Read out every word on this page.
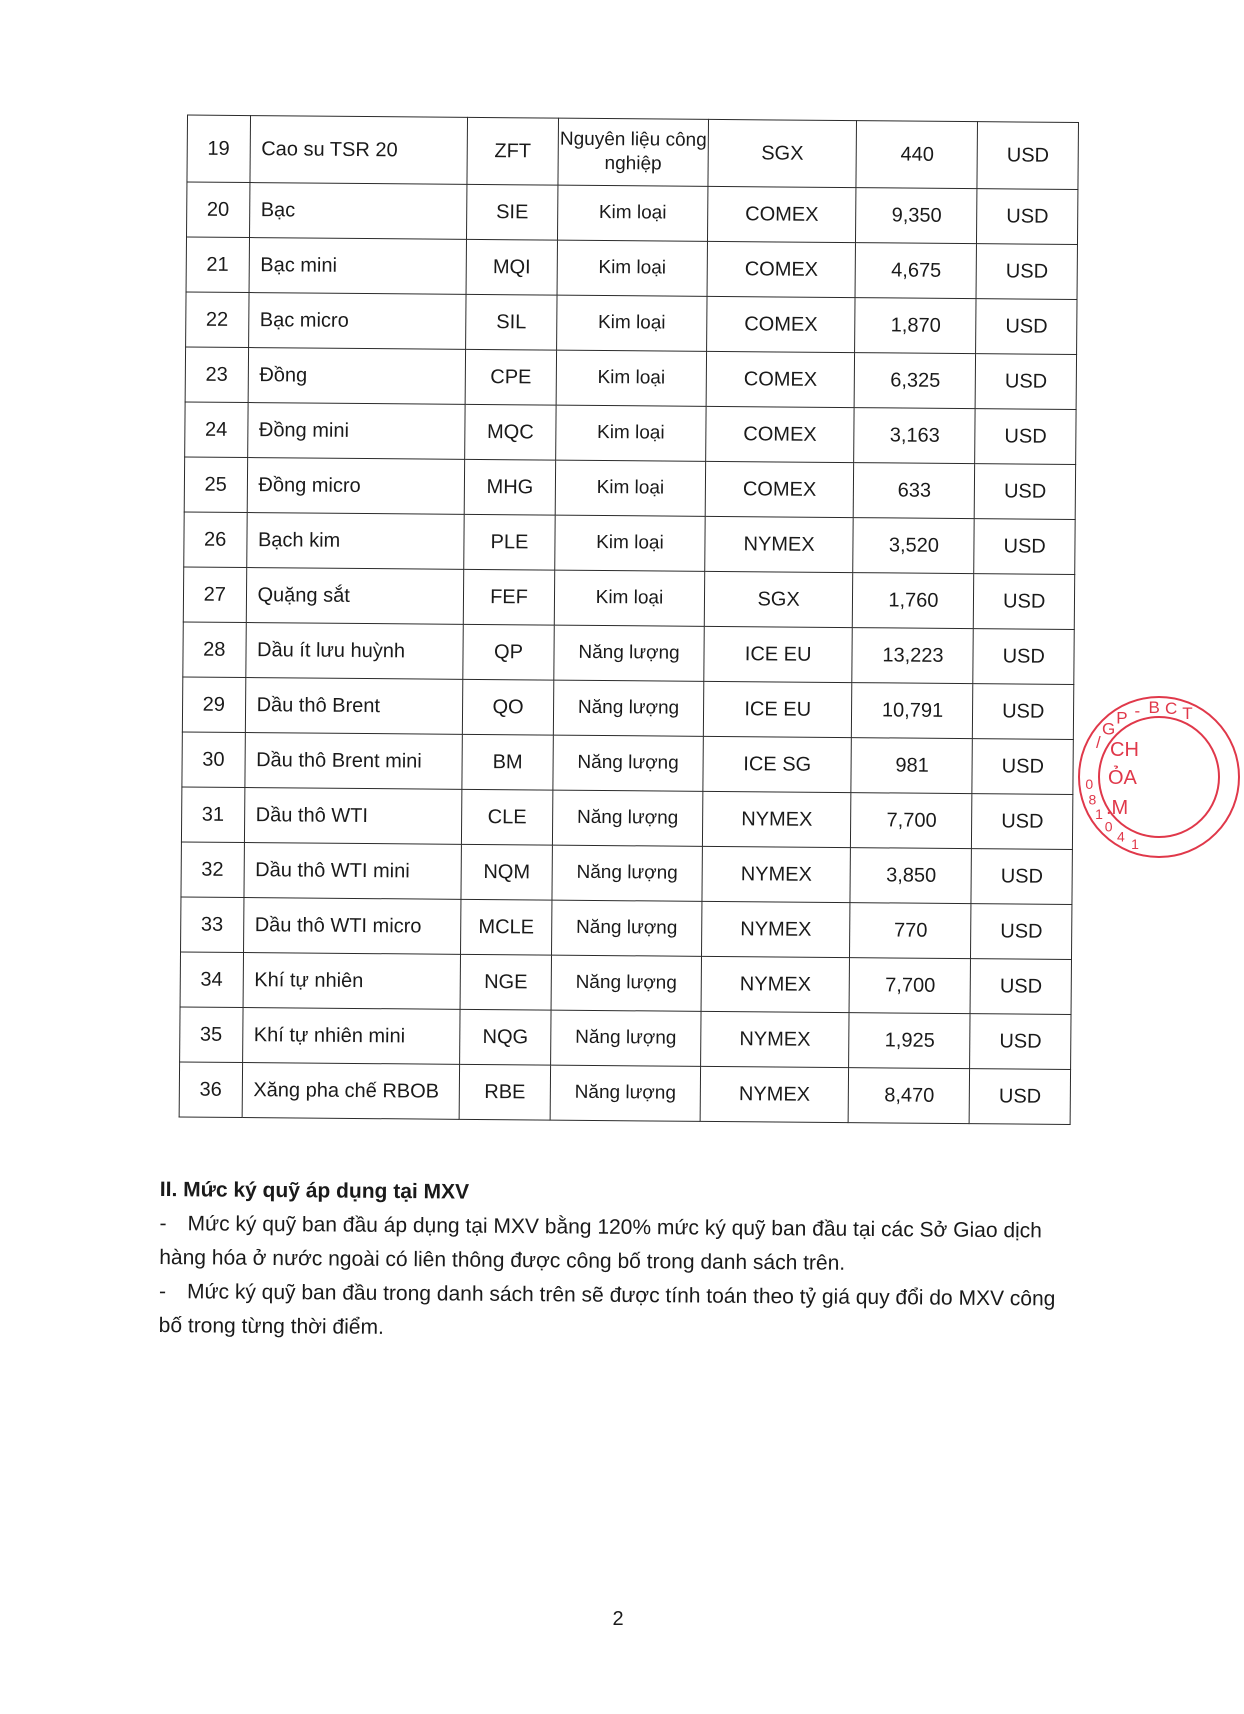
19	Cao su TSR 20	ZFT	Nguyên liệu công nghiệp	SGX	440	USD
20	Bạc	SIE	Kim loại	COMEX	9,350	USD
21	Bạc mini	MQI	Kim loại	COMEX	4,675	USD
22	Bạc micro	SIL	Kim loại	COMEX	1,870	USD
23	Đồng	CPE	Kim loại	COMEX	6,325	USD
24	Đồng mini	MQC	Kim loại	COMEX	3,163	USD
25	Đồng micro	MHG	Kim loại	COMEX	633	USD
26	Bạch kim	PLE	Kim loại	NYMEX	3,520	USD
27	Quặng sắt	FEF	Kim loại	SGX	1,760	USD
28	Dầu ít lưu huỳnh	QP	Năng lượng	ICE EU	13,223	USD
29	Dầu thô Brent	QO	Năng lượng	ICE EU	10,791	USD
30	Dầu thô Brent mini	BM	Năng lượng	ICE SG	981	USD
31	Dầu thô WTI	CLE	Năng lượng	NYMEX	7,700	USD
32	Dầu thô WTI mini	NQM	Năng lượng	NYMEX	3,850	USD
33	Dầu thô WTI micro	MCLE	Năng lượng	NYMEX	770	USD
34	Khí tự nhiên	NGE	Năng lượng	NYMEX	7,700	USD
35	Khí tự nhiên mini	NQG	Năng lượng	NYMEX	1,925	USD
36	Xăng pha chế RBOB	RBE	Năng lượng	NYMEX	8,470	USD
II. Mức ký quỹ áp dụng tại MXV

- Mức ký quỹ ban đầu áp dụng tại MXV bằng 120% mức ký quỹ ban đầu tại các Sở Giao dịch hàng hóa ở nước ngoài có liên thông được công bố trong danh sách trên.

- Mức ký quỹ ban đầu trong danh sách trên sẽ được tính toán theo tỷ giá quy đổi do MXV công bố trong từng thời điểm.

2
/
G
P - B C T
1
4
0
1
8
0
CH
ỎA
.M
